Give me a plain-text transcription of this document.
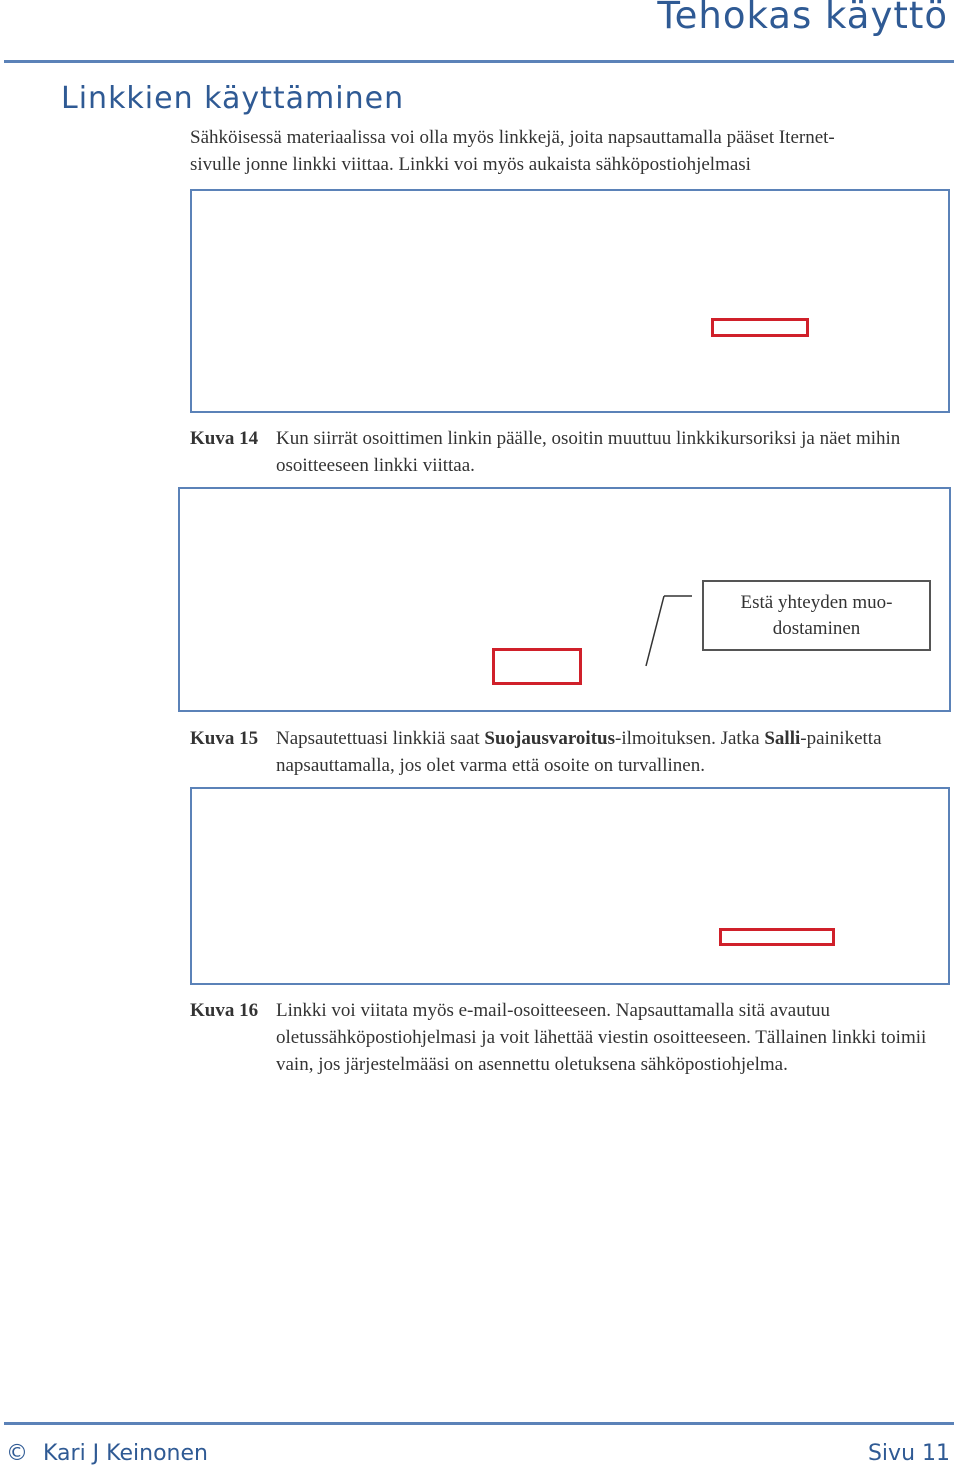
Tehokas käyttö
Linkkien käyttäminen
Sähköisessä materiaalissa voi olla myös linkkejä, joita napsauttamalla pääset Iternet-
sivulle jonne linkki viittaa. Linkki voi myös aukaista sähköpostiohjelmasi
Kuva 14 Kun siirrät osoittimen linkin päälle, osoitin muuttuu linkkikursoriksi ja näet mihin osoitteeseen linkki viittaa.
Estä yhteyden muo-
dostaminen
Kuva 15 Napsautettuasi linkkiä saat Suojausvaroitus-ilmoituksen. Jatka Salli-painiketta napsauttamalla, jos olet varma että osoite on turvallinen.
Kuva 16 Linkki voi viitata myös e-mail-osoitteeseen. Napsauttamalla sitä avautuu oletussähköpostiohjelmasi ja voit lähettää viestin osoitteeseen. Tällainen linkki toimii vain, jos järjestelmääsi on asennettu oletuksena sähköpostiohjelma.
© Kari J Keinonen	Sivu 11
